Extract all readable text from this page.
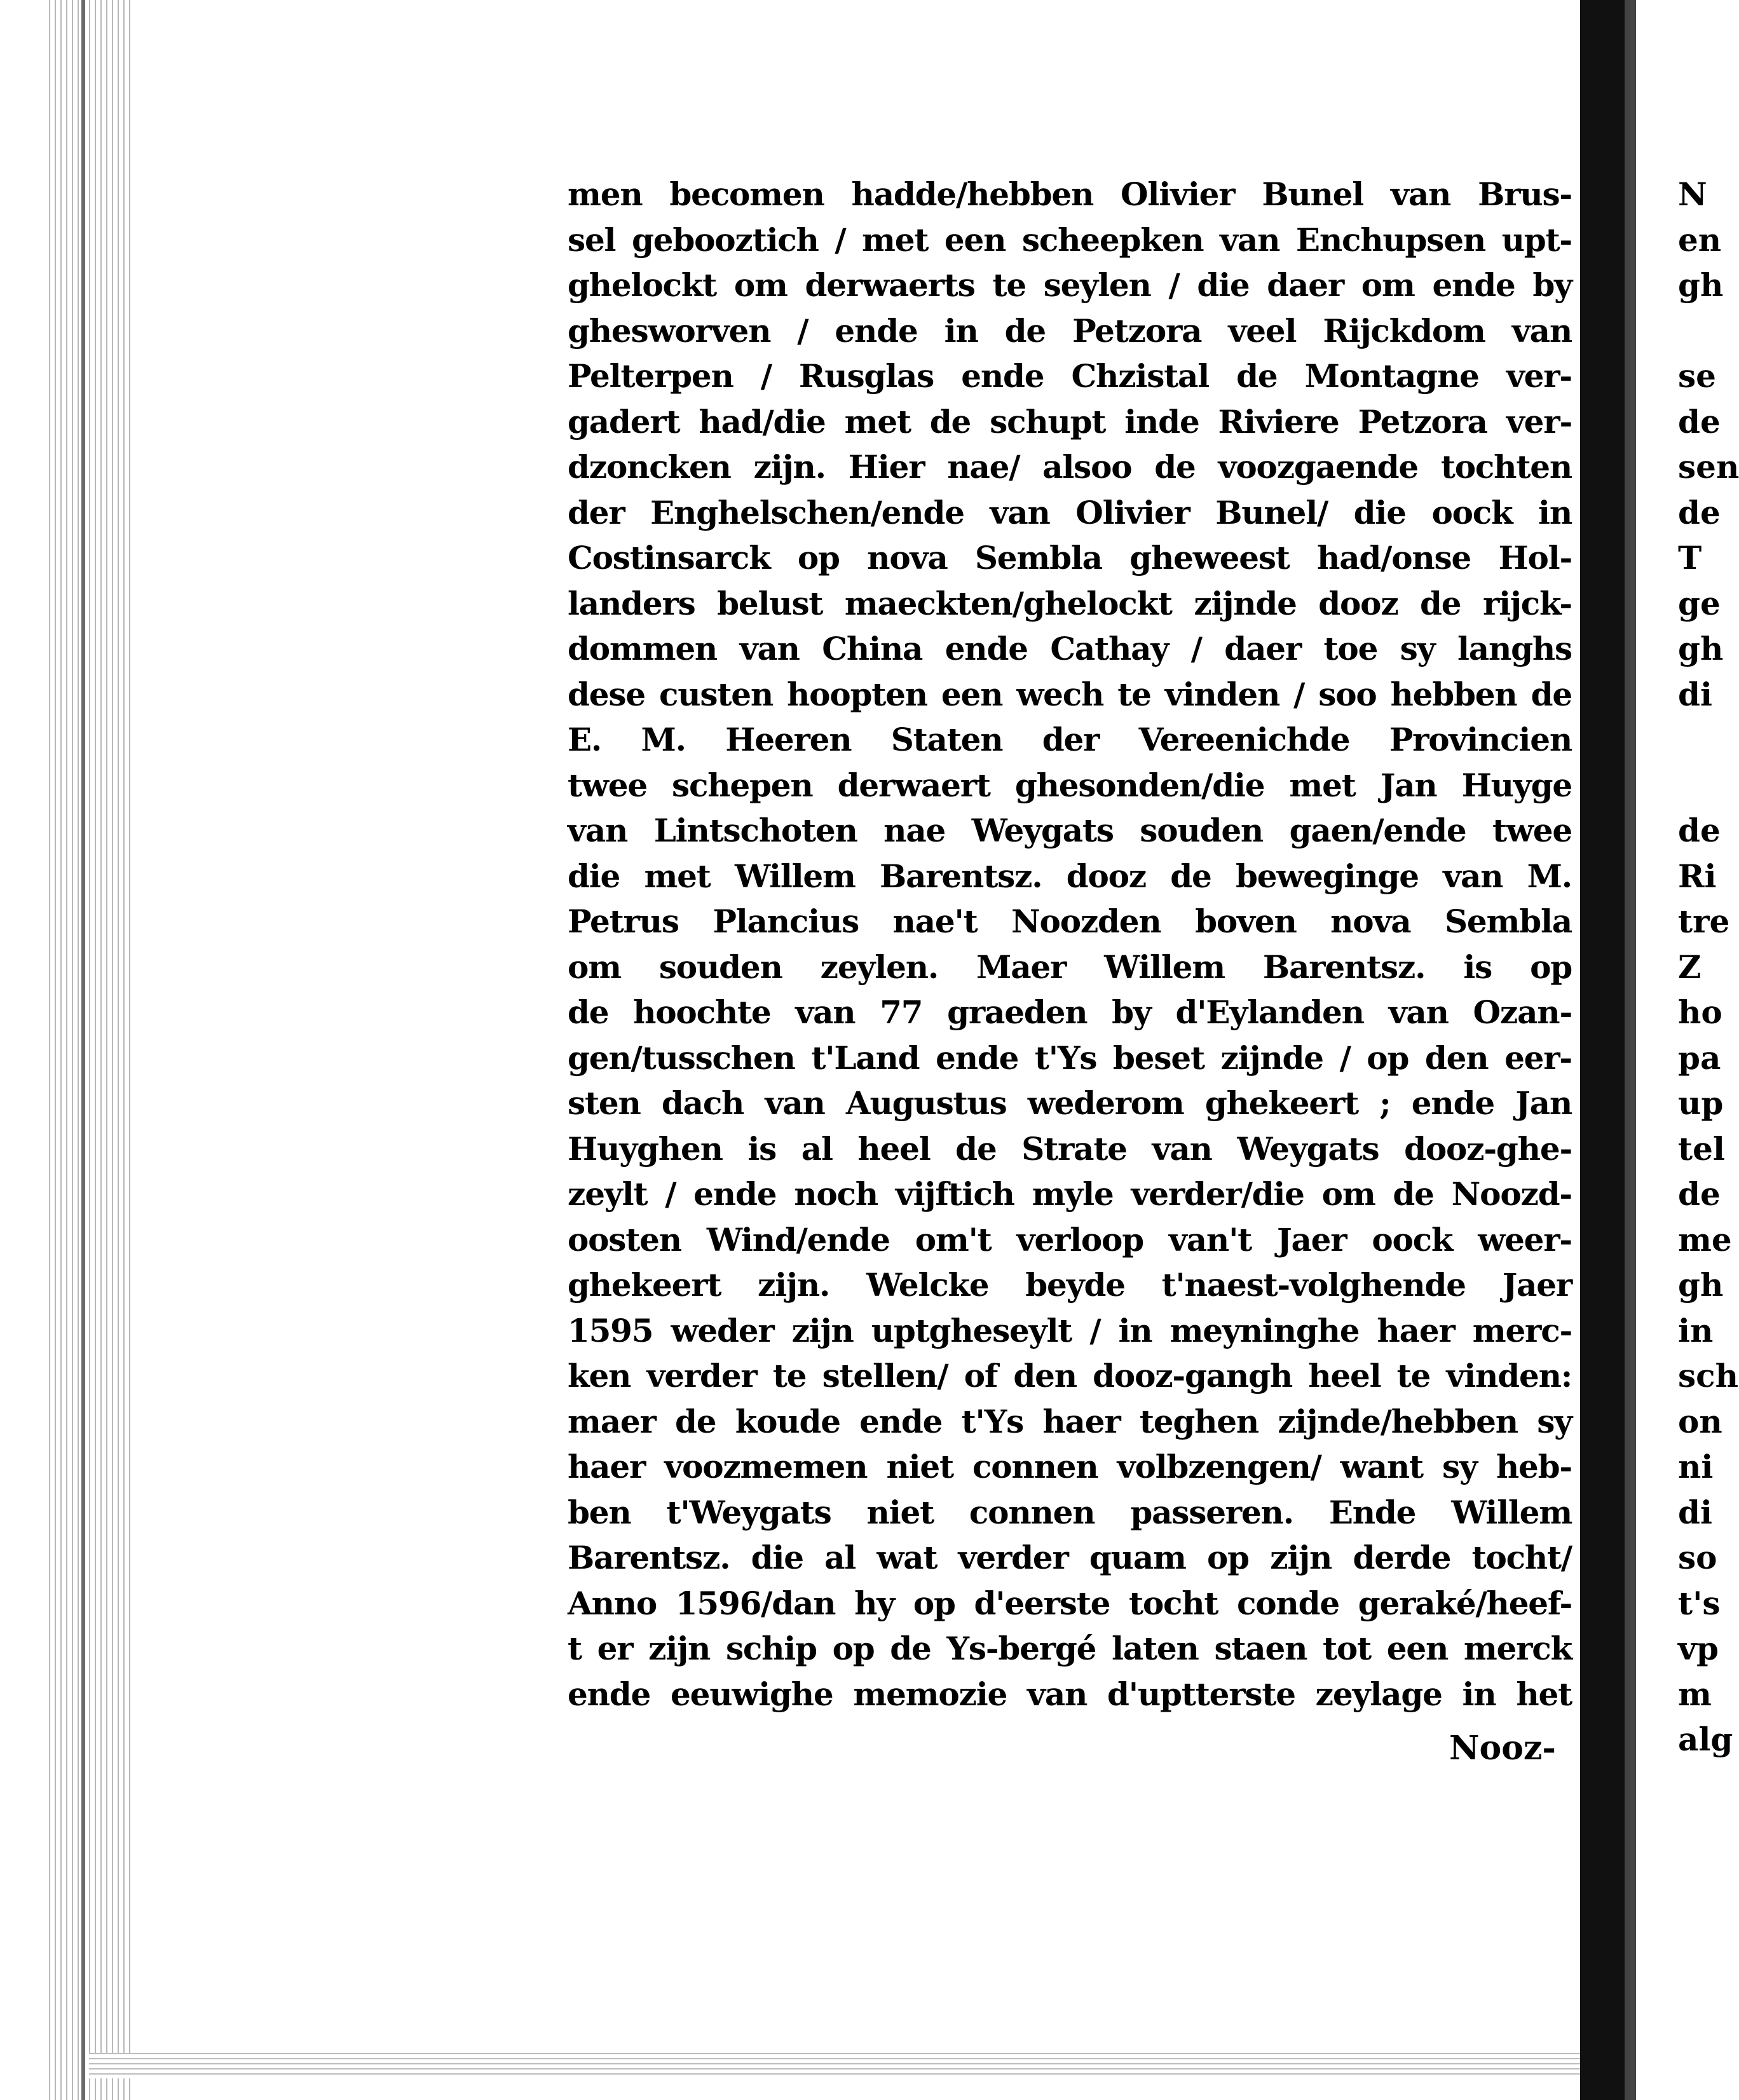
men becomen hadde/hebben Olivier Bunel van Brus-
sel gebooztich / met een scheepken van Enchupsen upt-
ghelockt om derwaerts te seylen / die daer om ende by
ghesworven / ende in de Petzora veel Rijckdom van
Pelterpen / Rusglas ende Chzistal de Montagne ver-
gadert had/die met de schupt inde Riviere Petzora ver-
dzoncken zijn. Hier nae/ alsoo de voozgaende tochten
der Enghelschen/ende van Olivier Bunel/ die oock in
Costinsarck op nova Sembla gheweest had/onse Hol-
landers belust maeckten/ghelockt zijnde dooz de rijck-
dommen van China ende Cathay / daer toe sy langhs
dese custen hoopten een wech te vinden / soo hebben de
E. M. Heeren Staten der Vereenichde Provincien
twee schepen derwaert ghesonden/die met Jan Huyge
van Lintschoten nae Weygats souden gaen/ende twee
die met Willem Barentsz. dooz de beweginge van M.
Petrus Plancius nae't Noozden boven nova Sembla
om souden zeylen. Maer Willem Barentsz. is op
de hoochte van 77 graeden by d'Eylanden van Ozan-
gen/tusschen t'Land ende t'Ys beset zijnde / op den eer-
sten dach van Augustus wederom ghekeert ; ende Jan
Huyghen is al heel de Strate van Weygats dooz-ghe-
zeylt / ende noch vijftich myle verder/die om de Noozd-
oosten Wind/ende om't verloop van't Jaer oock weer-
ghekeert zijn. Welcke beyde t'naest-volghende Jaer
1595 weder zijn uptgheseylt / in meyninghe haer merc-
ken verder te stellen/ of den dooz-gangh heel te vinden:
maer de koude ende t'Ys haer teghen zijnde/hebben sy
haer voozmemen niet connen volbzengen/ want sy heb-
ben t'Weygats niet connen passeren. Ende Willem
Barentsz. die al wat verder quam op zijn derde tocht/
Anno 1596/dan hy op d'eerste tocht conde geraké/heef-
t er zijn schip op de Ys-bergé laten staen tot een merck
ende eeuwighe memozie van d'uptterste zeylage in het
Nooz-
N
en
gh
se
de
sen
de
T
ge
gh
di
de
Ri
tre
Z
ho
pa
up
tel
de
me
gh
in
sch
on
ni
di
so
t's
vp
m
alg
